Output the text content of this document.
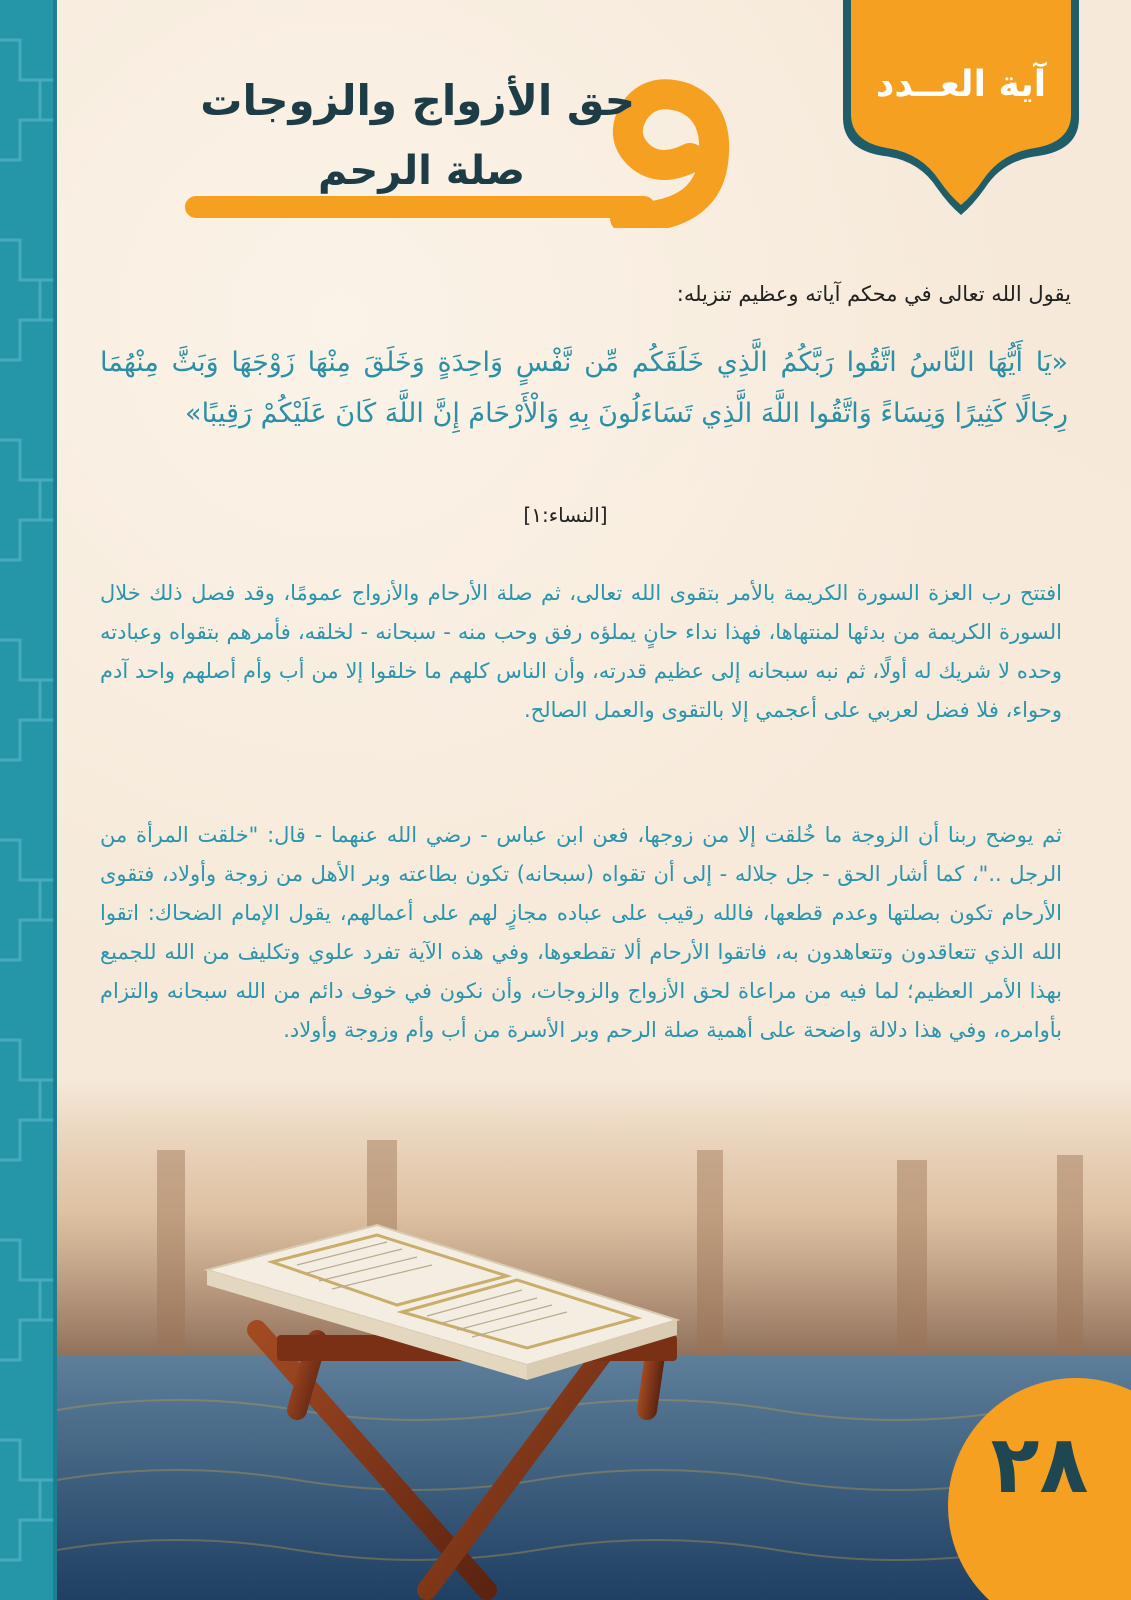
آية العــدد
حق الأزواج والزوجات
صلة الرحم
يقول الله تعالى في محكم آياته وعظيم تنزيله:
«يَا أَيُّهَا النَّاسُ اتَّقُوا رَبَّكُمُ الَّذِي خَلَقَكُم مِّن نَّفْسٍ وَاحِدَةٍ وَخَلَقَ مِنْهَا زَوْجَهَا وَبَثَّ مِنْهُمَا رِجَالًا كَثِيرًا وَنِسَاءً وَاتَّقُوا اللَّهَ الَّذِي تَسَاءَلُونَ بِهِ وَالْأَرْحَامَ إِنَّ اللَّهَ كَانَ عَلَيْكُمْ رَقِيبًا»
[النساء:١]
افتتح رب العزة السورة الكريمة بالأمر بتقوى الله تعالى، ثم صلة الأرحام والأزواج عمومًا، وقد فصل ذلك خلال السورة الكريمة من بدئها لمنتهاها، فهذا نداء حانٍ يملؤه رفق وحب منه - سبحانه - لخلقه، فأمرهم بتقواه وعبادته وحده لا شريك له أولًا، ثم نبه سبحانه إلى عظيم قدرته، وأن الناس كلهم ما خلقوا إلا من أب وأم أصلهم واحد آدم وحواء، فلا فضل لعربي على أعجمي إلا بالتقوى والعمل الصالح.
ثم يوضح ربنا أن الزوجة ما خُلقت إلا من زوجها، فعن ابن عباس - رضي الله عنهما - قال: "خلقت المرأة من الرجل .."، كما أشار الحق - جل جلاله - إلى أن تقواه (سبحانه) تكون بطاعته وبر الأهل من زوجة وأولاد، فتقوى الأرحام تكون بصلتها وعدم قطعها، فالله رقيب على عباده مجازٍ لهم على أعمالهم، يقول الإمام الضحاك: اتقوا الله الذي تتعاقدون وتتعاهدون به، فاتقوا الأرحام ألا تقطعوها، وفي هذه الآية تفرد علوي وتكليف من الله للجميع بهذا الأمر العظيم؛ لما فيه من مراعاة لحق الأزواج والزوجات، وأن نكون في خوف دائم من الله سبحانه والتزام بأوامره، وفي هذا دلالة واضحة على أهمية صلة الرحم وبر الأسرة من أب وأم وزوجة وأولاد.
٢٨
